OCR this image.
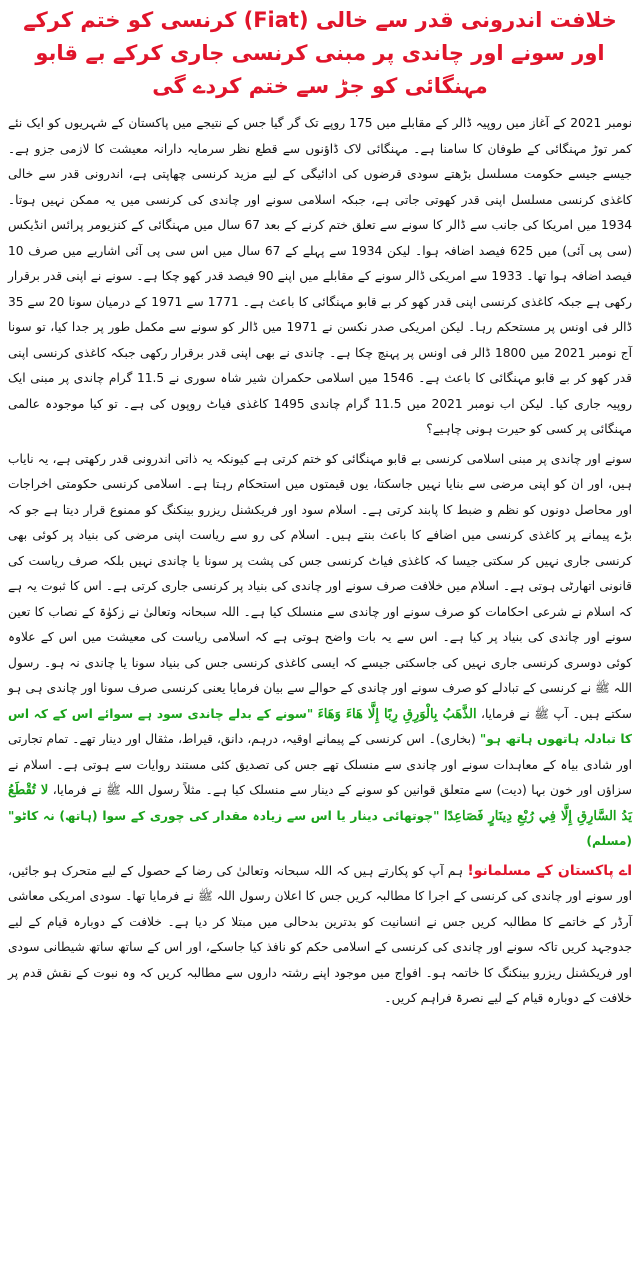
خلافت اندرونی قدر سے خالی (Fiat) کرنسی کو ختم کرکے
اور سونے اور چاندی پر مبنی کرنسی جاری کرکے بے قابو مہنگائی کو جڑ سے ختم کردے گی

نومبر 2021 کے آغاز میں روپیہ ڈالر کے مقابلے میں 175 روپے تک گر گیا جس کے نتیجے میں پاکستان کے شہریوں کو ایک نئے کمر توڑ مہنگائی کے طوفان کا سامنا ہے۔ مہنگائی لاک ڈاؤنوں سے قطع نظر سرمایہ دارانہ معیشت کا لازمی جزو ہے۔ جیسے جیسے حکومت مسلسل بڑھتے سودی قرضوں کی ادائیگی کے لیے مزید کرنسی چھاپتی ہے، اندرونی قدر سے خالی کاغذی کرنسی مسلسل اپنی قدر کھوتی جاتی ہے، جبکہ اسلامی سونے اور چاندی کی کرنسی میں یہ ممکن نہیں ہوتا۔ 1934 میں امریکا کی جانب سے ڈالر کا سونے سے تعلق ختم کرنے کے بعد 67 سال میں مہنگائی کے کنزیومر پرائس انڈیکس (سی پی آئی) میں 625 فیصد اضافہ ہوا۔ لیکن 1934 سے پہلے کے 67 سال میں اس سی پی آئی اشاریے میں صرف 10 فیصد اضافہ ہوا تھا۔ 1933 سے امریکی ڈالر سونے کے مقابلے میں اپنے 90 فیصد قدر کھو چکا ہے۔ سونے نے اپنی قدر برقرار رکھی ہے جبکہ کاغذی کرنسی اپنی قدر کھو کر بے قابو مہنگائی کا باعث ہے۔ 1771 سے 1971 کے درمیان سونا 20 سے 35 ڈالر فی اونس پر مستحکم رہا۔ لیکن امریکی صدر نکسن نے 1971 میں ڈالر کو سونے سے مکمل طور پر جدا کیا، تو سونا آج نومبر 2021 میں 1800 ڈالر فی اونس پر پہنچ چکا ہے۔ چاندی نے بھی اپنی قدر برقرار رکھی جبکہ کاغذی کرنسی اپنی قدر کھو کر بے قابو مہنگائی کا باعث ہے۔ 1546 میں اسلامی حکمران شیر شاہ سوری نے 11.5 گرام چاندی پر مبنی ایک روپیہ جاری کیا۔ لیکن اب نومبر 2021 میں 11.5 گرام چاندی 1495 کاغذی فیاٹ روپوں کی ہے۔ تو کیا موجودہ عالمی مہنگائی پر کسی کو حیرت ہونی چاہیے؟

سونے اور چاندی پر مبنی اسلامی کرنسی بے قابو مہنگائی کو ختم کرتی ہے کیونکہ یہ ذاتی اندرونی قدر رکھتی ہے، یہ نایاب ہیں، اور ان کو اپنی مرضی سے بنایا نہیں جاسکتا، یوں قیمتوں میں استحکام رہتا ہے۔ اسلامی کرنسی حکومتی اخراجات اور محاصل دونوں کو نظم و ضبط کا پابند کرتی ہے۔ اسلام سود اور فریکشنل ریزرو بینکنگ کو ممنوع قرار دیتا ہے جو کہ بڑے پیمانے پر کاغذی کرنسی میں اضافے کا باعث بنتے ہیں۔ اسلام کی رو سے ریاست اپنی مرضی کی بنیاد پر کوئی بھی کرنسی جاری نہیں کر سکتی جیسا کہ کاغذی فیاٹ کرنسی جس کی پشت پر سونا یا چاندی نہیں بلکہ صرف ریاست کی قانونی اتھارٹی ہوتی ہے۔ اسلام میں خلافت صرف سونے اور چاندی کی بنیاد پر کرنسی جاری کرتی ہے۔ اس کا ثبوت یہ ہے کہ اسلام نے شرعی احکامات کو صرف سونے اور چاندی سے منسلک کیا ہے۔ اللہ سبحانہ وتعالیٰ نے زکوٰۃ کے نصاب کا تعین سونے اور چاندی کی بنیاد پر کیا ہے۔ اس سے یہ بات واضح ہوتی ہے کہ اسلامی ریاست کی معیشت میں اس کے علاوہ کوئی دوسری کرنسی جاری نہیں کی جاسکتی جیسے کہ ایسی کاغذی کرنسی جس کی بنیاد سونا یا چاندی نہ ہو۔ رسول اللہ ﷺ نے کرنسی کے تبادلے کو صرف سونے اور چاندی کے حوالے سے بیان فرمایا یعنی کرنسی صرف سونا اور چاندی ہی ہو سکتے ہیں۔ آپ ﷺ نے فرمایا، الذَّهَبُ بِالْوَرِقِ رِبًا إِلَّا هَاءَ وَهَاءَ "سونے کے بدلے چاندی سود ہے سوائے اس کے کہ اس کا تبادلہ ہاتھوں ہاتھ ہو" (بخاری)۔ اس کرنسی کے پیمانے اوقیہ، درہم، دانق، قیراط، مثقال اور دینار تھے۔ تمام تجارتی اور شادی بیاہ کے معاہدات سونے اور چاندی سے منسلک تھے جس کی تصدیق کئی مستند روایات سے ہوتی ہے۔ اسلام نے سزاؤں اور خون بہا (دیت) سے متعلق قوانین کو سونے کے دینار سے منسلک کیا ہے۔ مثلاً رسول اللہ ﷺ نے فرمایا، لا تُقْطَعُ يَدُ السَّارِقِ إِلَّا فِي رُبْعِ دِينَارٍ فَصَاعِدًا "چوتھائی دینار یا اس سے زیادہ مقدار کی چوری کے سوا (ہاتھ) نہ کاٹو" (مسلم)

اے پاکستان کے مسلمانو! ہم آپ کو پکارتے ہیں کہ اللہ سبحانہ وتعالیٰ کی رضا کے حصول کے لیے متحرک ہو جائیں، اور سونے اور چاندی کی کرنسی کے اجرا کا مطالبہ کریں جس کا اعلان رسول اللہ ﷺ نے فرمایا تھا۔ سودی امریکی معاشی آرڈر کے خاتمے کا مطالبہ کریں جس نے انسانیت کو بدترین بدحالی میں مبتلا کر دیا ہے۔ خلافت کے دوبارہ قیام کے لیے جدوجہد کریں تاکہ سونے اور چاندی کی کرنسی کے اسلامی حکم کو نافذ کیا جاسکے، اور اس کے ساتھ ساتھ شیطانی سودی اور فریکشنل ریزرو بینکنگ کا خاتمہ ہو۔ افواج میں موجود اپنے رشتہ داروں سے مطالبہ کریں کہ وہ نبوت کے نقش قدم پر خلافت کے دوبارہ قیام کے لیے نصرۃ فراہم کریں۔
